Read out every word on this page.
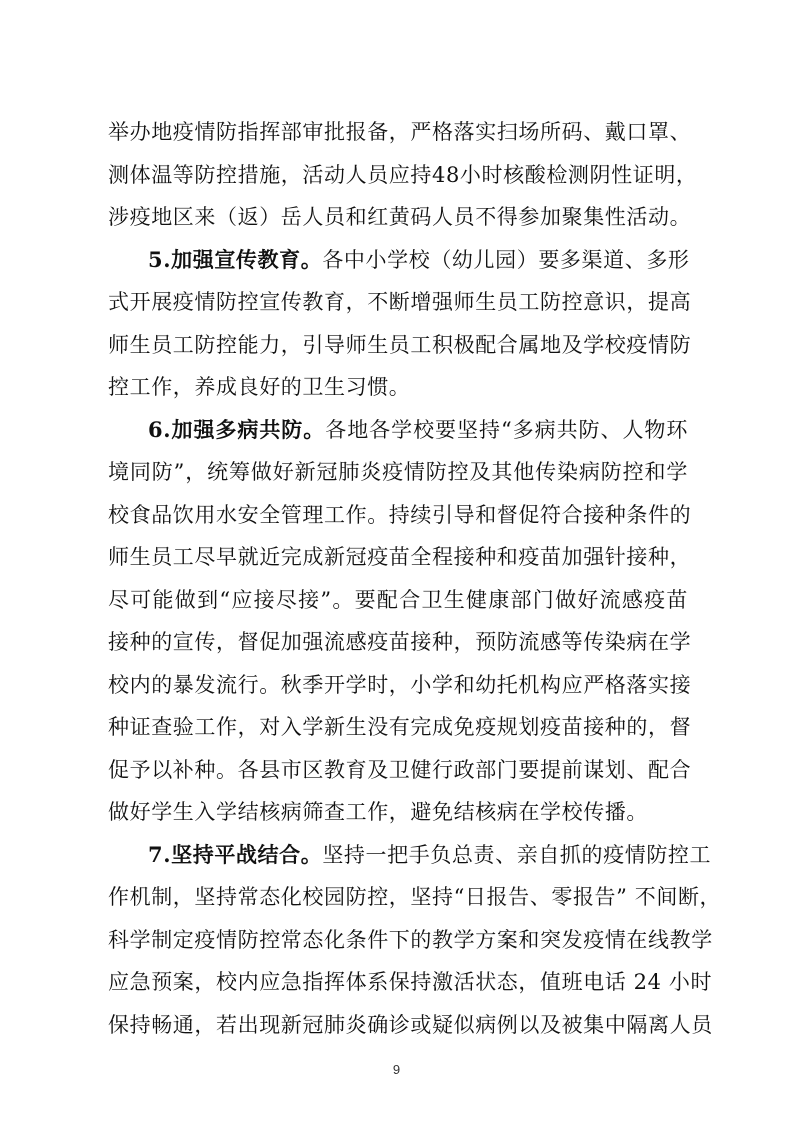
举办地疫情防指挥部审批报备，严格落实扫场所码、戴口罩、
测体温等防控措施，活动人员应持48小时核酸检测阴性证明，
涉疫地区来（返）岳人员和红黄码人员不得参加聚集性活动。
5.加强宣传教育。各中小学校（幼儿园）要多渠道、多形
式开展疫情防控宣传教育，不断增强师生员工防控意识，提高
师生员工防控能力，引导师生员工积极配合属地及学校疫情防
控工作，养成良好的卫生习惯。
6.加强多病共防。各地各学校要坚持“多病共防、人物环
境同防”，统筹做好新冠肺炎疫情防控及其他传染病防控和学
校食品饮用水安全管理工作。持续引导和督促符合接种条件的
师生员工尽早就近完成新冠疫苗全程接种和疫苗加强针接种，
尽可能做到“应接尽接”。要配合卫生健康部门做好流感疫苗
接种的宣传，督促加强流感疫苗接种，预防流感等传染病在学
校内的暴发流行。秋季开学时，小学和幼托机构应严格落实接
种证查验工作，对入学新生没有完成免疫规划疫苗接种的，督
促予以补种。各县市区教育及卫健行政部门要提前谋划、配合
做好学生入学结核病筛查工作，避免结核病在学校传播。
7.坚持平战结合。坚持一把手负总责、亲自抓的疫情防控工
作机制，坚持常态化校园防控，坚持“日报告、零报告” 不间断，
科学制定疫情防控常态化条件下的教学方案和突发疫情在线教学
应急预案，校内应急指挥体系保持激活状态，值班电话 24 小时
9
保持畅通，若出现新冠肺炎确诊或疑似病例以及被集中隔离人员
